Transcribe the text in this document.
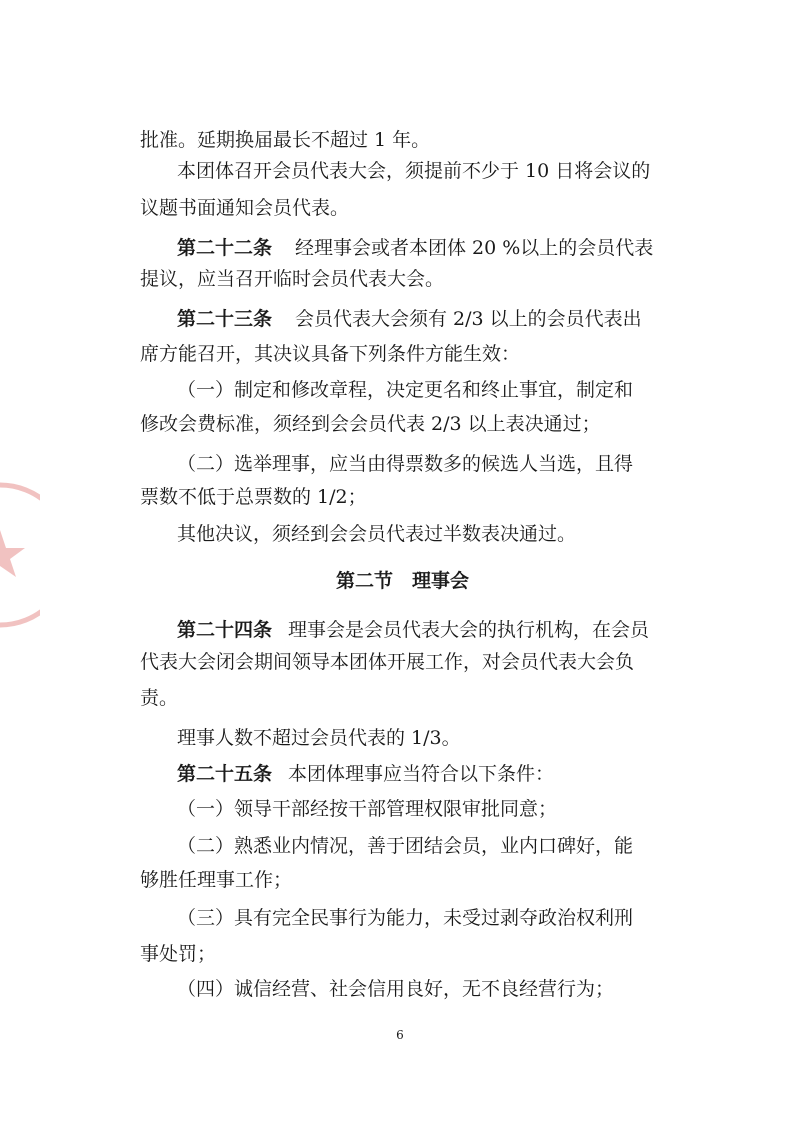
批准。延期换届最长不超过 1 年。
本团体召开会员代表大会，须提前不少于 10 日将会议的
议题书面通知会员代表。
第二十二条 经理事会或者本团体 20 %以上的会员代表
提议，应当召开临时会员代表大会。
第二十三条 会员代表大会须有 2/3 以上的会员代表出
席方能召开，其决议具备下列条件方能生效：
（一）制定和修改章程，决定更名和终止事宜，制定和
修改会费标准，须经到会会员代表 2/3 以上表决通过；
（二）选举理事，应当由得票数多的候选人当选，且得
票数不低于总票数的 1/2；
其他决议，须经到会会员代表过半数表决通过。
第二节　理事会
第二十四条 理事会是会员代表大会的执行机构，在会员
代表大会闭会期间领导本团体开展工作，对会员代表大会负
责。
理事人数不超过会员代表的 1/3。
第二十五条 本团体理事应当符合以下条件：
（一）领导干部经按干部管理权限审批同意；
（二）熟悉业内情况，善于团结会员，业内口碑好，能
够胜任理事工作；
（三）具有完全民事行为能力，未受过剥夺政治权利刑
事处罚；
（四）诚信经营、社会信用良好，无不良经营行为；
6
